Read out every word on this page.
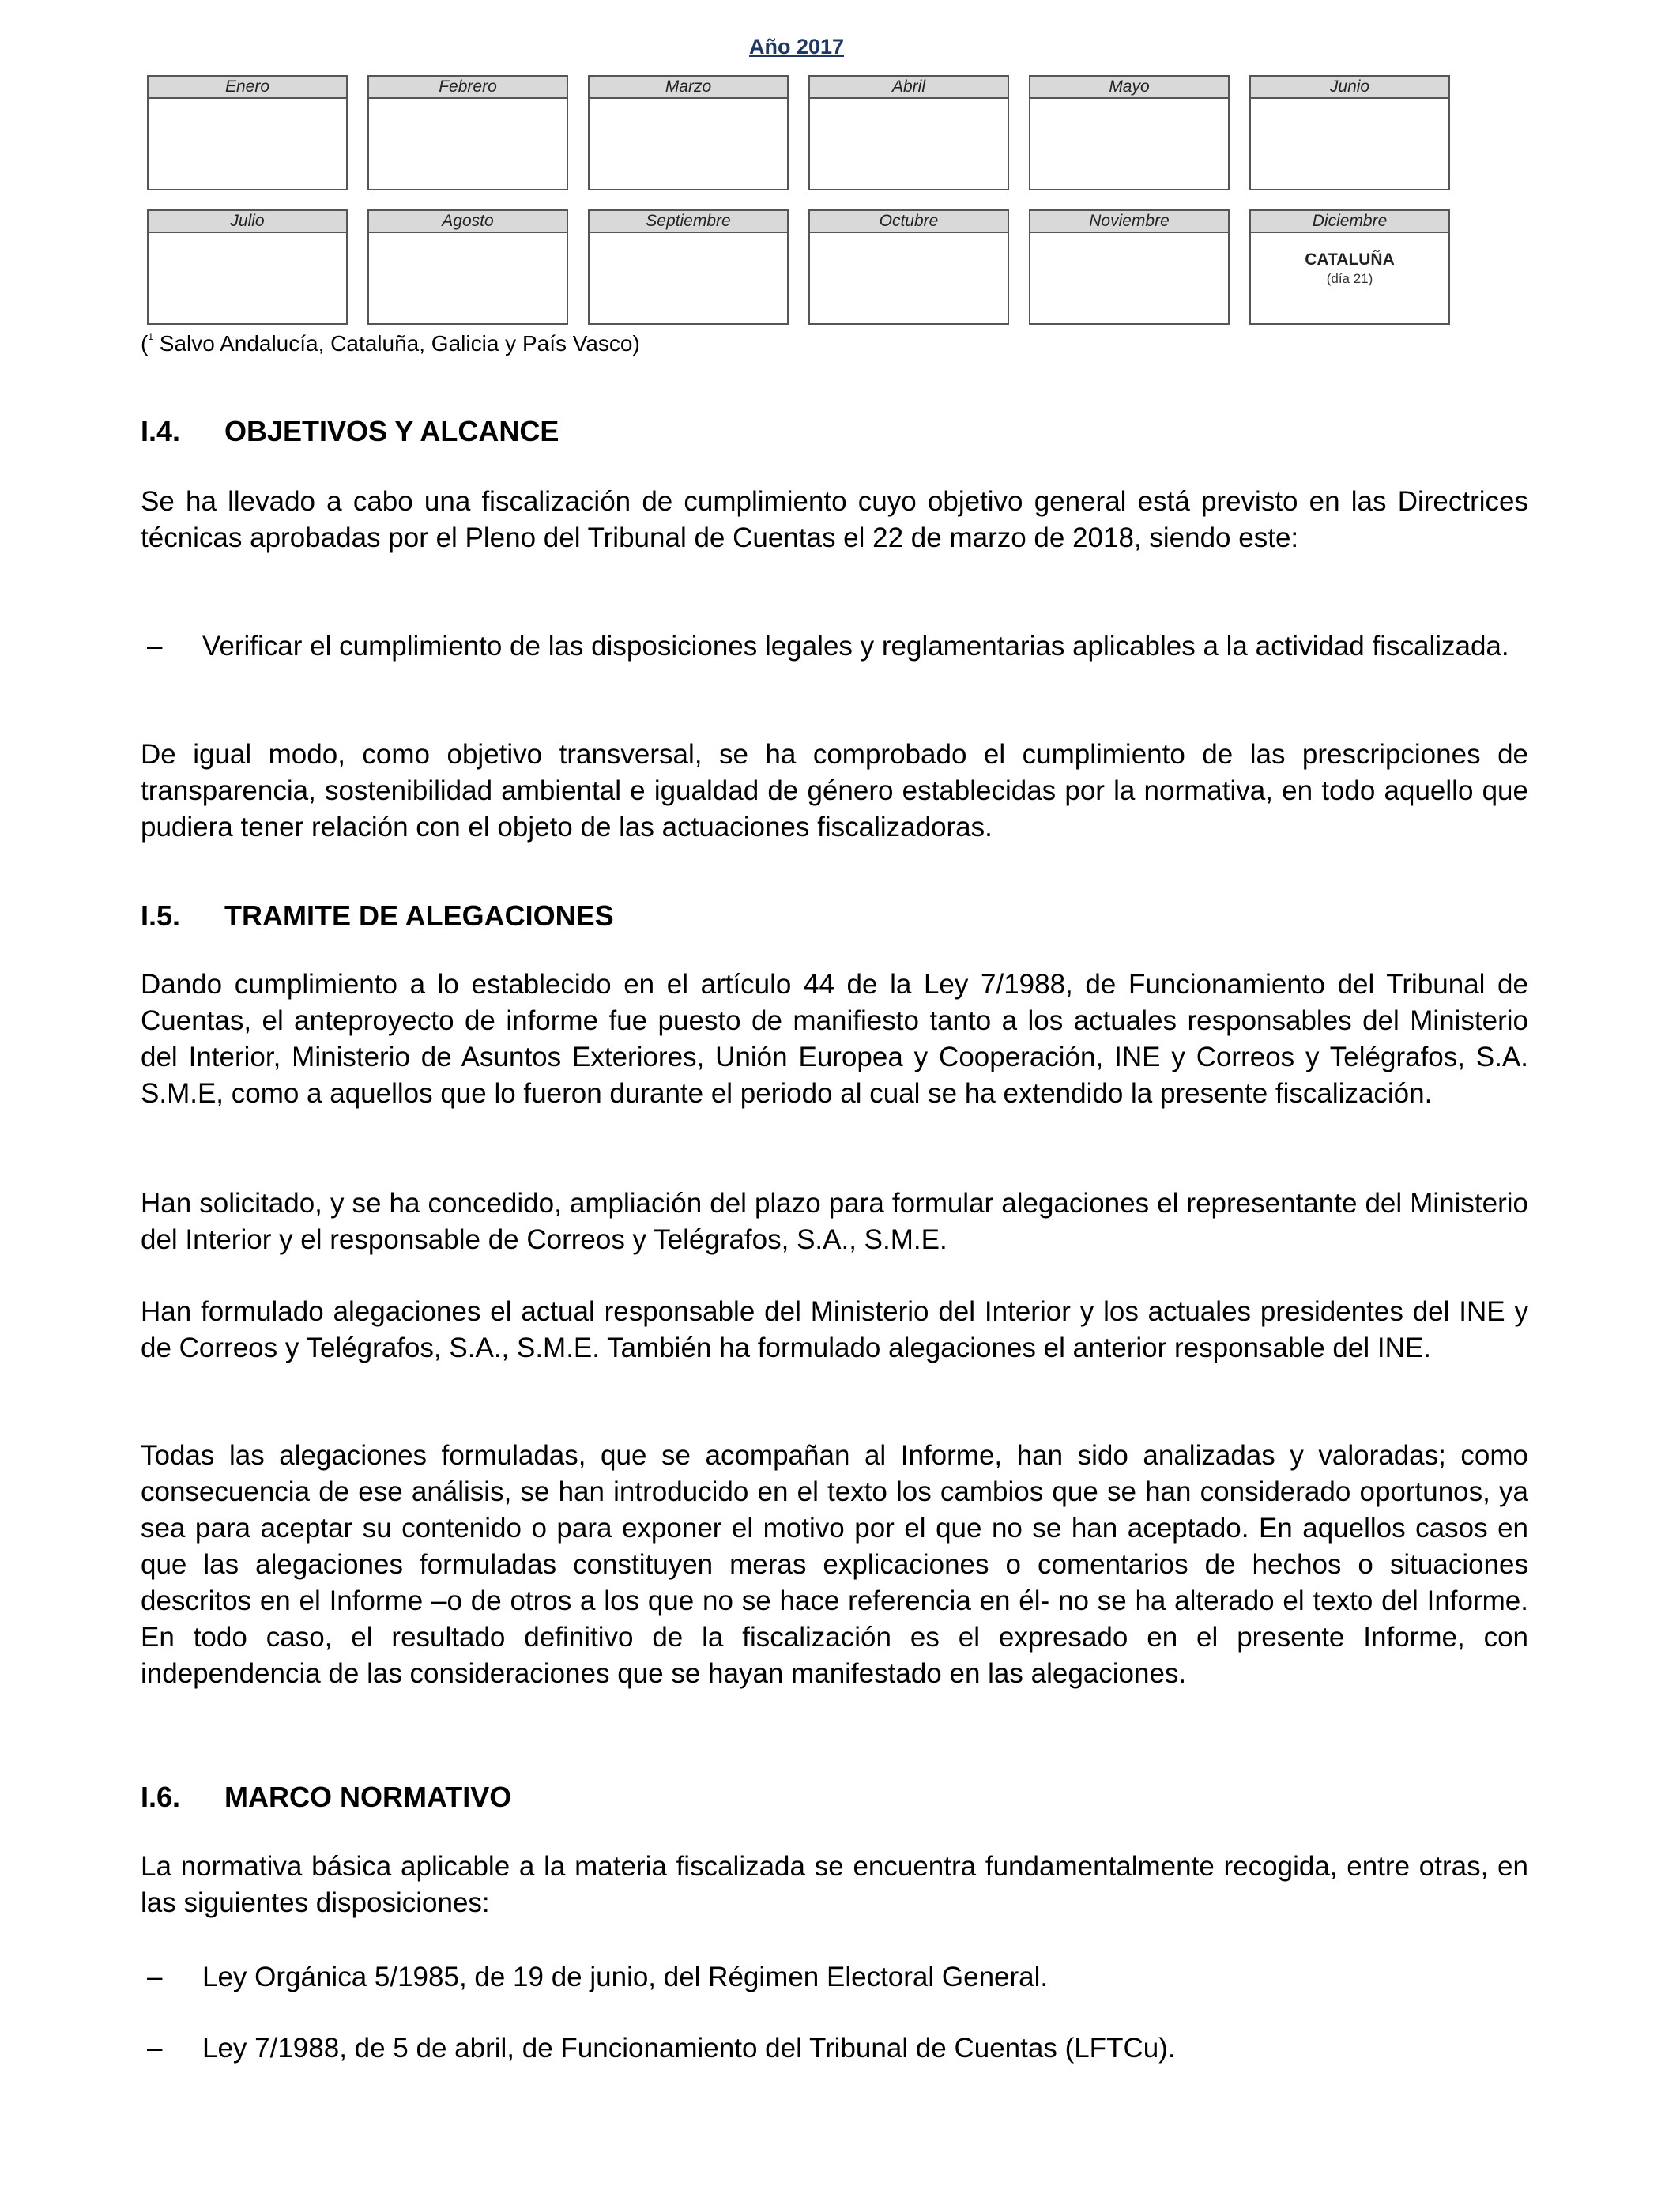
Año 2017
Enero	Febrero	Marzo	Abril	Mayo	Junio
Julio	Agosto	Septiembre	Octubre	Noviembre	Diciembre
CATALUÑA
(día 21)
($^1$ Salvo Andalucía, Cataluña, Galicia y País Vasco)
I.4. OBJETIVOS Y ALCANCE

Se ha llevado a cabo una fiscalización de cumplimiento cuyo objetivo general está previsto en las Directrices técnicas aprobadas por el Pleno del Tribunal de Cuentas el 22 de marzo de 2018, siendo este:

– Verificar el cumplimiento de las disposiciones legales y reglamentarias aplicables a la actividad fiscalizada.

De igual modo, como objetivo transversal, se ha comprobado el cumplimiento de las prescripciones de transparencia, sostenibilidad ambiental e igualdad de género establecidas por la normativa, en todo aquello que pudiera tener relación con el objeto de las actuaciones fiscalizadoras.

I.5. TRAMITE DE ALEGACIONES

Dando cumplimiento a lo establecido en el artículo 44 de la Ley 7/1988, de Funcionamiento del Tribunal de Cuentas, el anteproyecto de informe fue puesto de manifiesto tanto a los actuales responsables del Ministerio del Interior, Ministerio de Asuntos Exteriores, Unión Europea y Cooperación, INE y Correos y Telégrafos, S.A. S.M.E, como a aquellos que lo fueron durante el periodo al cual se ha extendido la presente fiscalización.

Han solicitado, y se ha concedido, ampliación del plazo para formular alegaciones el representante del Ministerio del Interior y el responsable de Correos y Telégrafos, S.A., S.M.E.

Han formulado alegaciones el actual responsable del Ministerio del Interior y los actuales presidentes del INE y de Correos y Telégrafos, S.A., S.M.E. También ha formulado alegaciones el anterior responsable del INE.

Todas las alegaciones formuladas, que se acompañan al Informe, han sido analizadas y valoradas; como consecuencia de ese análisis, se han introducido en el texto los cambios que se han considerado oportunos, ya sea para aceptar su contenido o para exponer el motivo por el que no se han aceptado. En aquellos casos en que las alegaciones formuladas constituyen meras explicaciones o comentarios de hechos o situaciones descritos en el Informe –o de otros a los que no se hace referencia en él- no se ha alterado el texto del Informe. En todo caso, el resultado definitivo de la fiscalización es el expresado en el presente Informe, con independencia de las consideraciones que se hayan manifestado en las alegaciones.

I.6. MARCO NORMATIVO

La normativa básica aplicable a la materia fiscalizada se encuentra fundamentalmente recogida, entre otras, en las siguientes disposiciones:

– Ley Orgánica 5/1985, de 19 de junio, del Régimen Electoral General.
– Ley 7/1988, de 5 de abril, de Funcionamiento del Tribunal de Cuentas (LFTCu).
